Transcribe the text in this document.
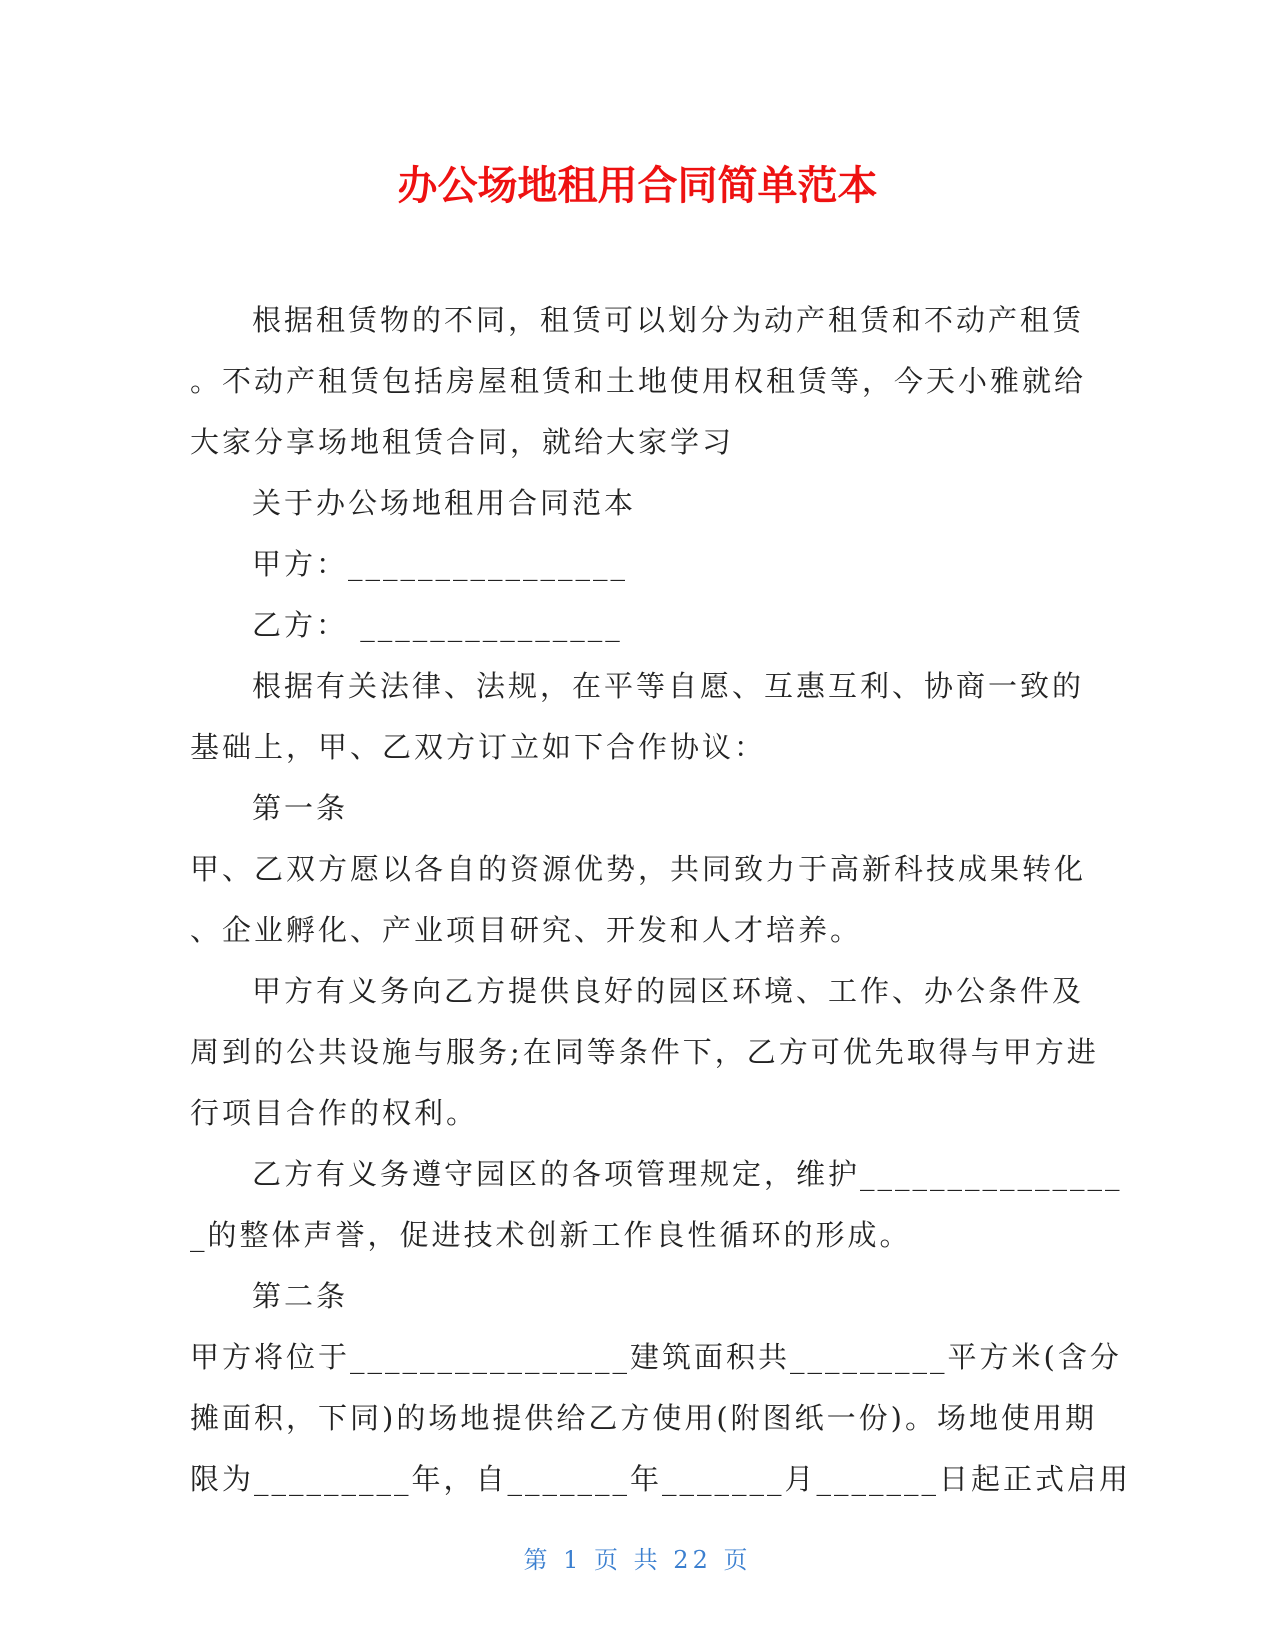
办公场地租用合同简单范本

根据租赁物的不同，租赁可以划分为动产租赁和不动产租赁

。不动产租赁包括房屋租赁和土地使用权租赁等，今天小雅就给

大家分享场地租赁合同，就给大家学习

关于办公场地租用合同范本

甲方：________________

乙方： _______________

根据有关法律、法规，在平等自愿、互惠互利、协商一致的

基础上，甲、乙双方订立如下合作协议：

第一条

甲、乙双方愿以各自的资源优势，共同致力于高新科技成果转化

、企业孵化、产业项目研究、开发和人才培养。

甲方有义务向乙方提供良好的园区环境、工作、办公条件及

周到的公共设施与服务;在同等条件下，乙方可优先取得与甲方进

行项目合作的权利。

乙方有义务遵守园区的各项管理规定，维护_______________

_的整体声誉，促进技术创新工作良性循环的形成。

第二条

甲方将位于________________建筑面积共_________平方米(含分

摊面积，下同)的场地提供给乙方使用(附图纸一份)。场地使用期

限为_________年，自_______年_______月_______日起正式启用

第 1 页 共 22 页
